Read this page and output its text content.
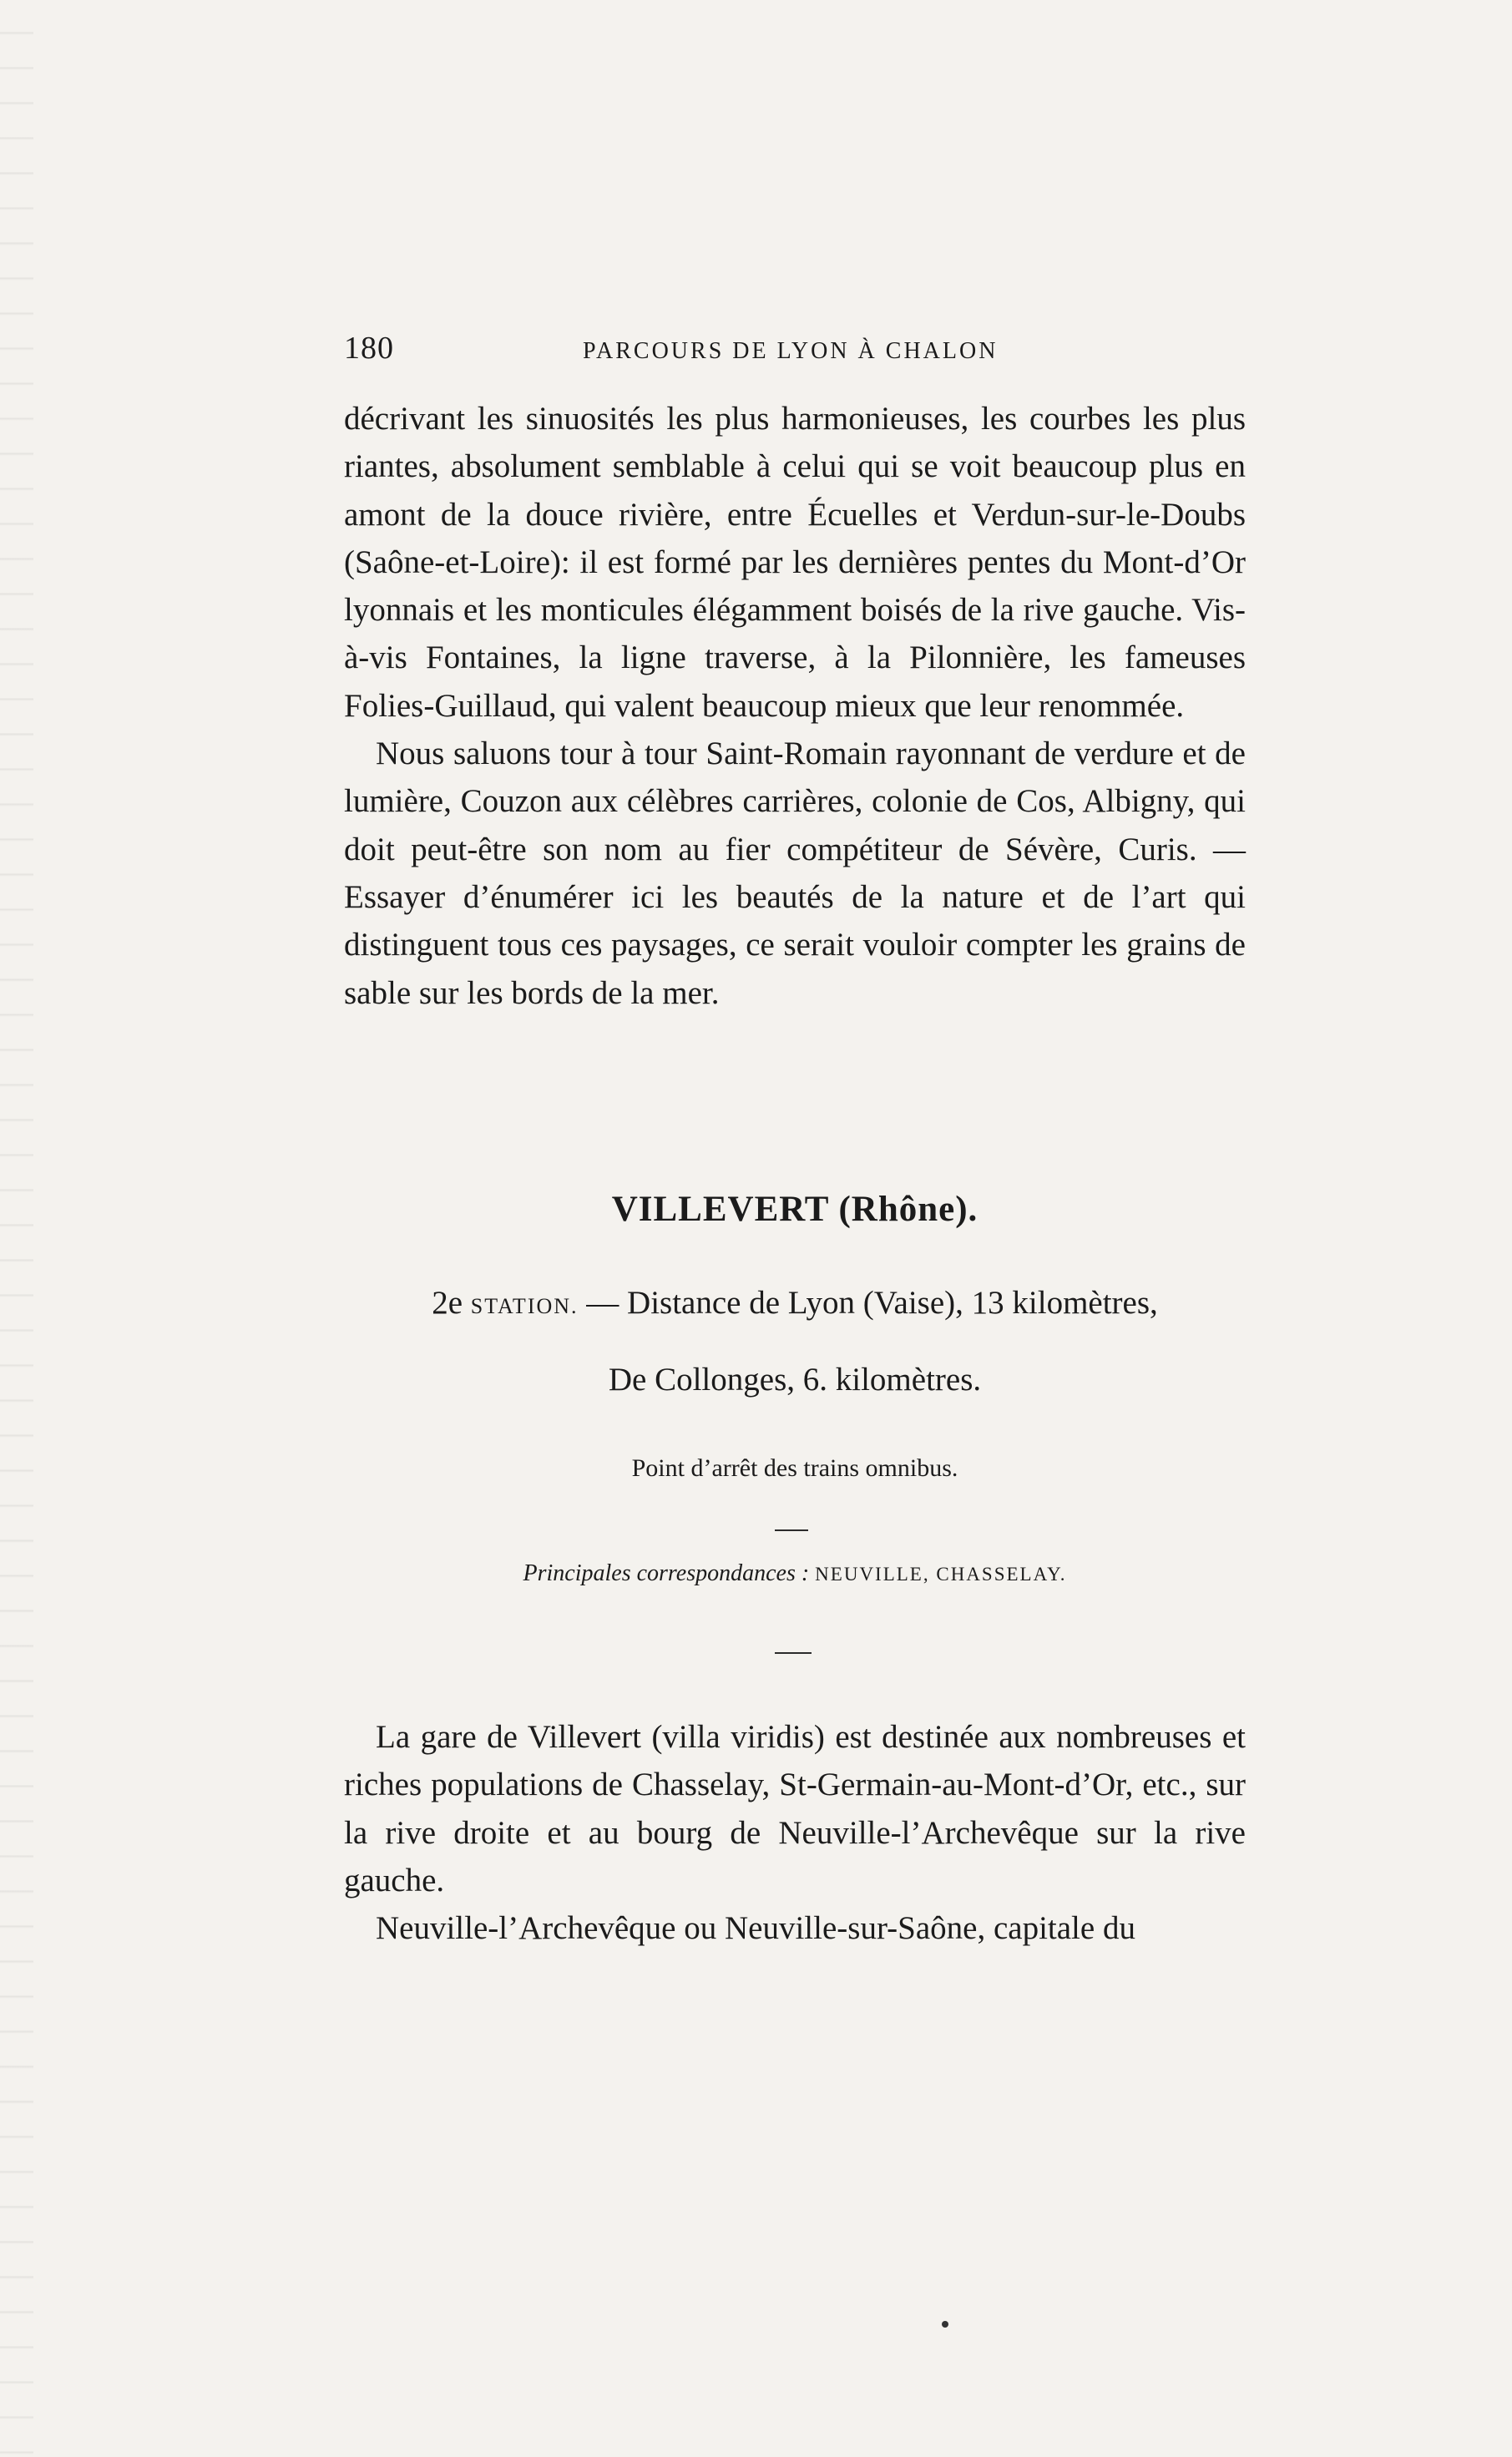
180	PARCOURS DE LYON À CHALON

décrivant les sinuosités les plus harmonieuses, les courbes les plus riantes, absolument semblable à celui qui se voit beaucoup plus en amont de la douce rivière, entre Écuelles et Verdun-sur-le-Doubs (Saône-et-Loire): il est formé par les dernières pentes du Mont-d’Or lyonnais et les monticules élégamment boisés de la rive gauche. Vis-à-vis Fontaines, la ligne traverse, à la Pilonnière, les fameuses Folies-Guillaud, qui valent beaucoup mieux que leur renommée.

Nous saluons tour à tour Saint-Romain rayonnant de verdure et de lumière, Couzon aux célèbres carrières, colonie de Cos, Albigny, qui doit peut-être son nom au fier compétiteur de Sévère, Curis. — Essayer d’énumérer ici les beautés de la nature et de l’art qui distinguent tous ces paysages, ce serait vouloir compter les grains de sable sur les bords de la mer.

VILLEVERT (Rhône).
2e STATION. — Distance de Lyon (Vaise), 13 kilomètres,
De Collonges, 6. kilomètres.
Point d’arrêt des trains omnibus.
Principales correspondances : NEUVILLE, CHASSELAY.

La gare de Villevert (villa viridis) est destinée aux nombreuses et riches populations de Chasselay, St-Germain-au-Mont-d’Or, etc., sur la rive droite et au bourg de Neuville-l’Archevêque sur la rive gauche.

Neuville-l’Archevêque ou Neuville-sur-Saône, capitale du
